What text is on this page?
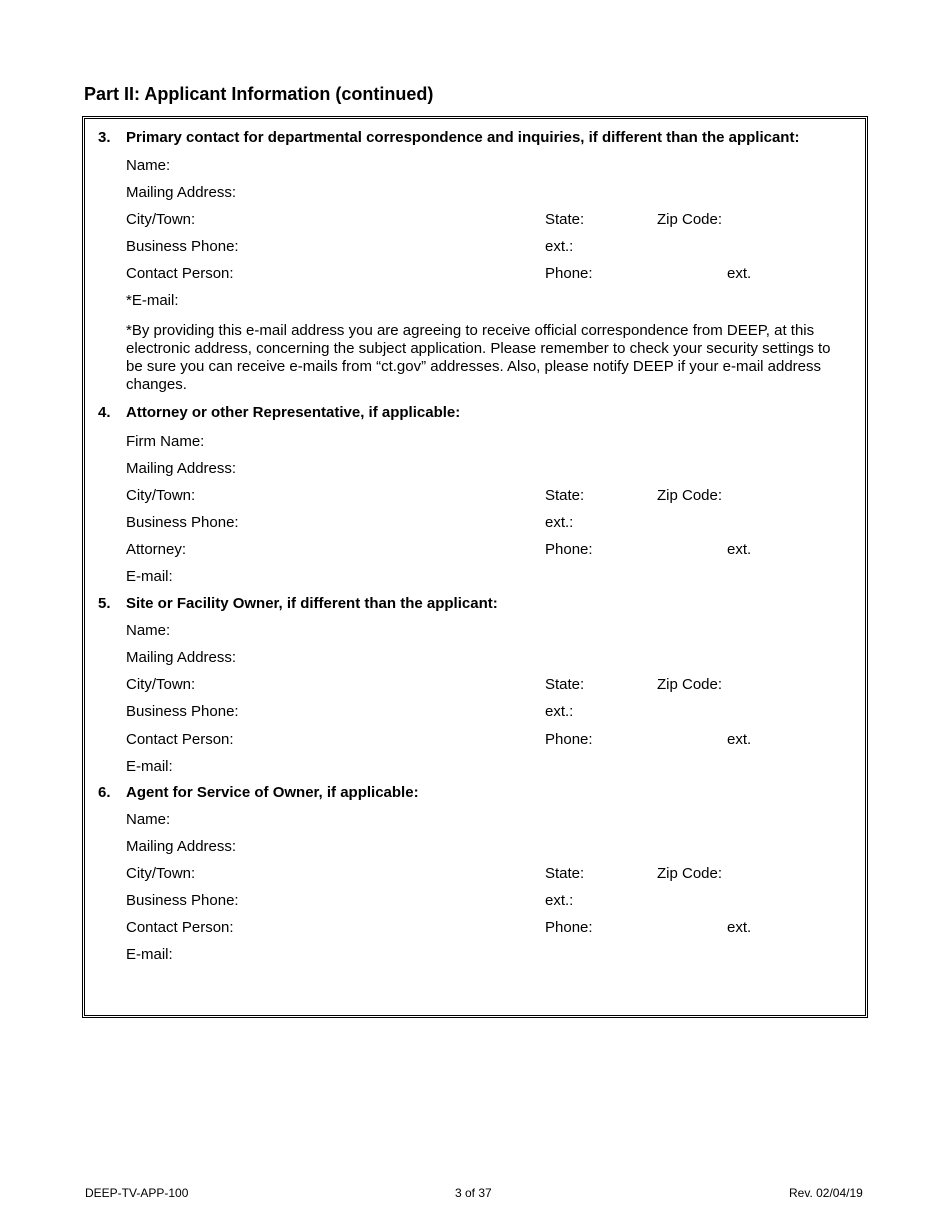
Part II: Applicant Information (continued)
3. Primary contact for departmental correspondence and inquiries, if different than the applicant:
Name:
Mailing Address:
City/Town:	State:	Zip Code:
Business Phone:	ext.:
Contact Person:	Phone:	ext.
*E-mail:
*By providing this e-mail address you are agreeing to receive official correspondence from DEEP, at this electronic address, concerning the subject application. Please remember to check your security settings to be sure you can receive e-mails from “ct.gov” addresses. Also, please notify DEEP if your e-mail address changes.
4. Attorney or other Representative, if applicable:
Firm Name:
Mailing Address:
City/Town:	State:	Zip Code:
Business Phone:	ext.:
Attorney:	Phone:	ext.
E-mail:
5. Site or Facility Owner, if different than the applicant:
Name:
Mailing Address:
City/Town:	State:	Zip Code:
Business Phone:	ext.:
Contact Person:	Phone:	ext.
E-mail:
6. Agent for Service of Owner, if applicable:
Name:
Mailing Address:
City/Town:	State:	Zip Code:
Business Phone:	ext.:
Contact Person:	Phone:	ext.
E-mail:
DEEP-TV-APP-100	3 of 37	Rev. 02/04/19
